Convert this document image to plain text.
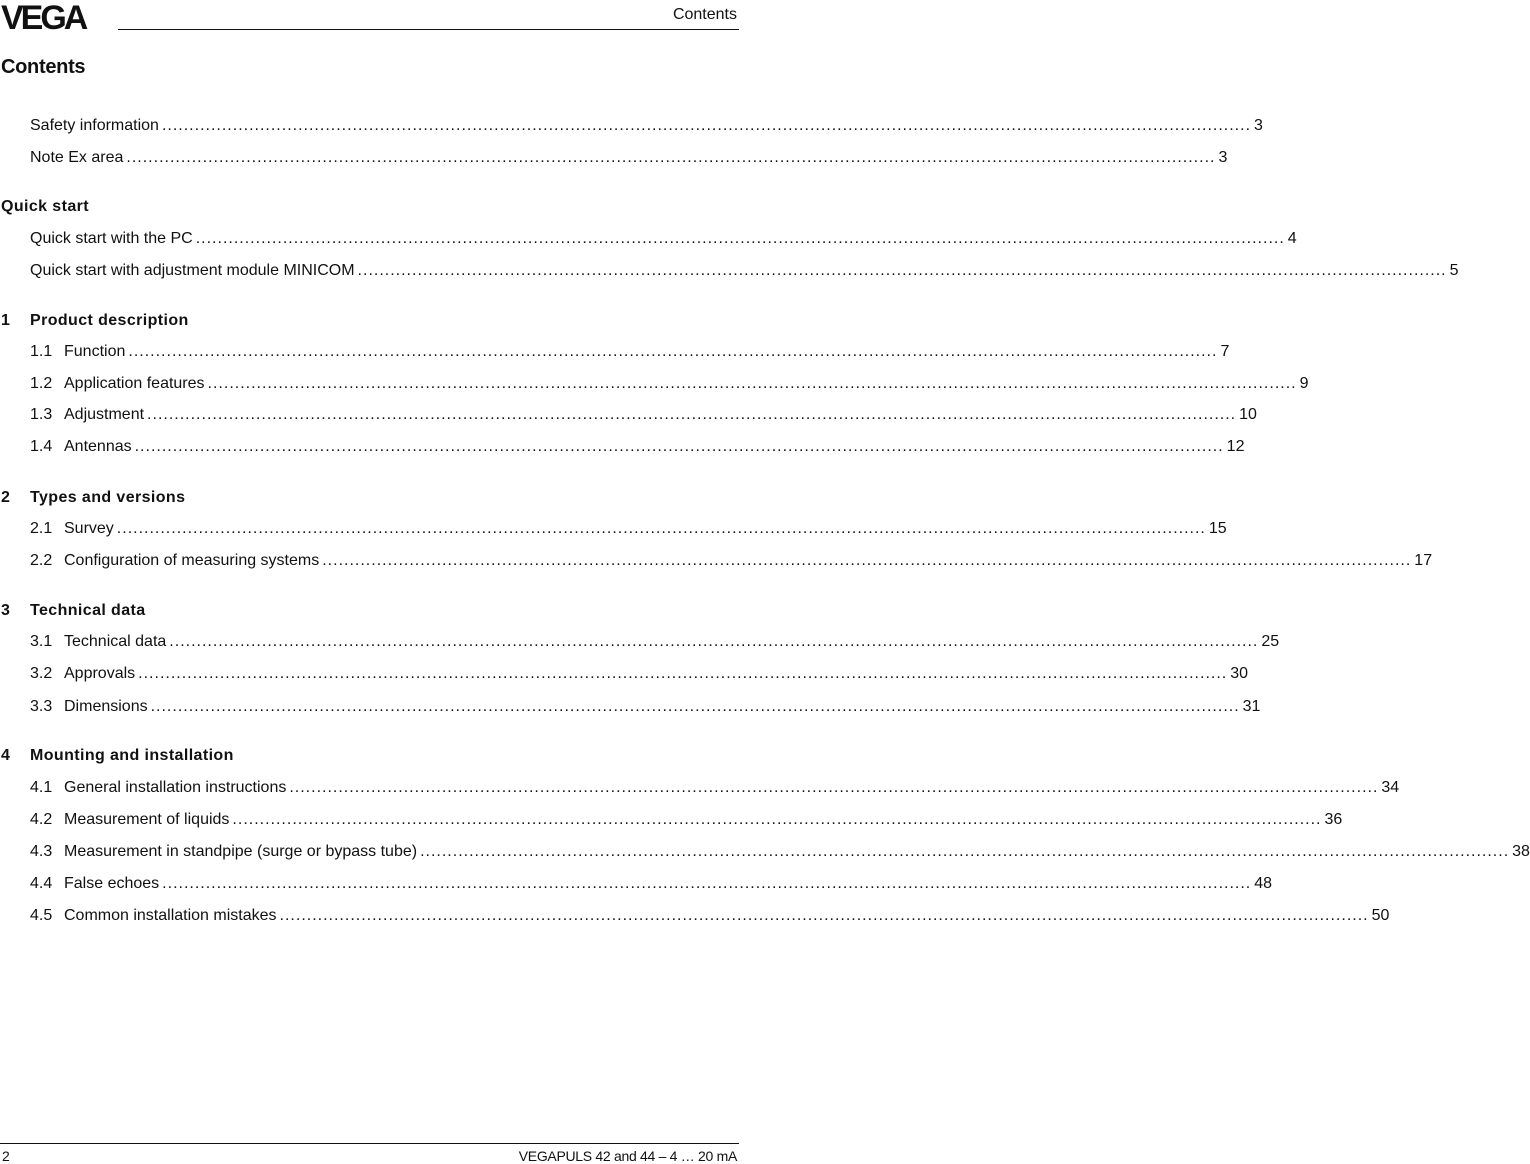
VEGA	Contents
Contents
Safety information ........................................................................................................................................................................................................ 3
Note Ex area ........................................................................................................................................................................................................ 3
Quick start
Quick start with the PC ........................................................................................................................................................................................................ 4
Quick start with adjustment module MINICOM ........................................................................................................................................................................................................ 5
1 Product description
1.1 Function ........................................................................................................................................................................................................ 7
1.2 Application features ........................................................................................................................................................................................................ 9
1.3 Adjustment ........................................................................................................................................................................................................ 10
1.4 Antennas ........................................................................................................................................................................................................ 12
2 Types and versions
2.1 Survey ........................................................................................................................................................................................................ 15
2.2 Configuration of measuring systems ........................................................................................................................................................................................................ 17
3 Technical data
3.1 Technical data ........................................................................................................................................................................................................ 25
3.2 Approvals ........................................................................................................................................................................................................ 30
3.3 Dimensions ........................................................................................................................................................................................................ 31
4 Mounting and installation
4.1 General installation instructions ........................................................................................................................................................................................................ 34
4.2 Measurement of liquids ........................................................................................................................................................................................................ 36
4.3 Measurement in standpipe (surge or bypass tube) ........................................................................................................................................................................................................ 38
4.4 False echoes ........................................................................................................................................................................................................ 48
4.5 Common installation mistakes ........................................................................................................................................................................................................ 50
2	VEGAPULS 42 and 44 – 4 … 20 mA
